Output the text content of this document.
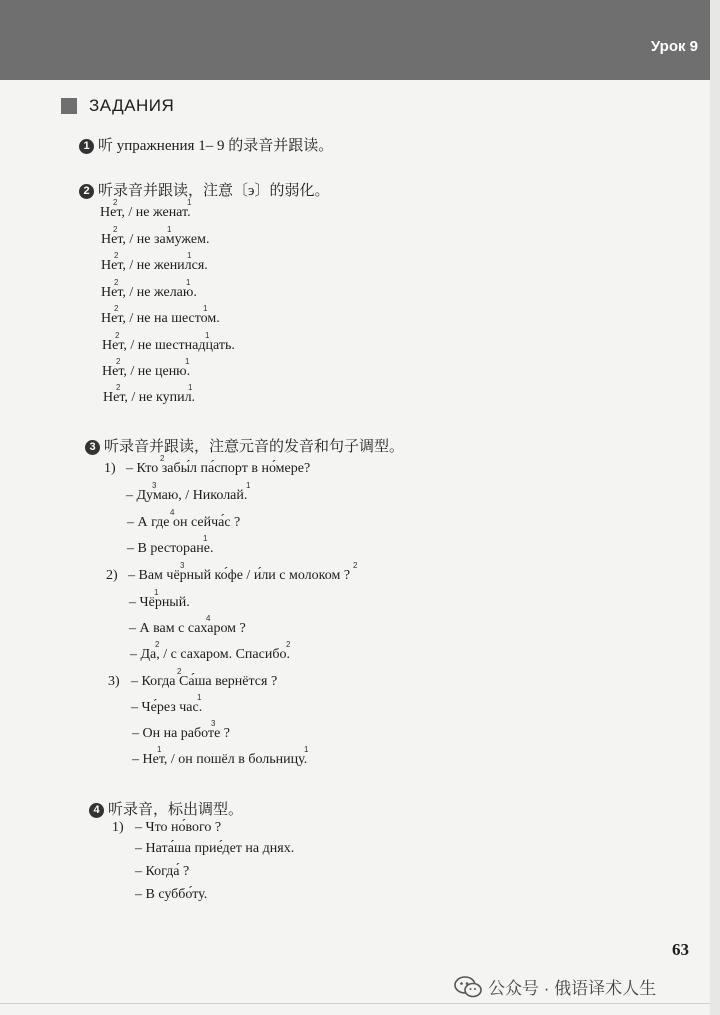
Урок 9
ЗАДАНИЯ
1 听 упражнения 1– 9 的录音并跟读。
2 听录音并跟读，注意〔э〕的弱化。
Нет, / не женат.
Нет, / не замужем.
Нет, / не женился.
Нет, / не желаю.
Нет, / не на шестом.
Нет, / не шестнадцать.
Нет, / не ценю.
Нет, / не купил.
2	1
2	1
2	1
2	1
2	1
2	1
2	1
2	1
3 听录音并跟读，注意元音的发音和句子调型。
1) – Кто забы́л па́спорт в но́мере?
– Думаю, / Николай.
– А где он сейча́с ?
– В ресторане.
2) – Вам чёрный ко́фе / и́ли с молоком ?
– Чёрный.
– А вам с сахаром ?
– Да, / с сахаром. Спасибо.
3) – Когда Са́ша вернётся ?
– Че́рез час.
– Он на работе ?
– Нет, / он пошёл в больницу.
2
3	1
4
1
3	2
1
4
2	2
2
1
3
1	1
4 听录音，标出调型。
1) – Что но́вого ?
– Ната́ша прие́дет на днях.
– Когда́ ?
– В суббо́ту.
63
公众号 · 俄语译术人生
